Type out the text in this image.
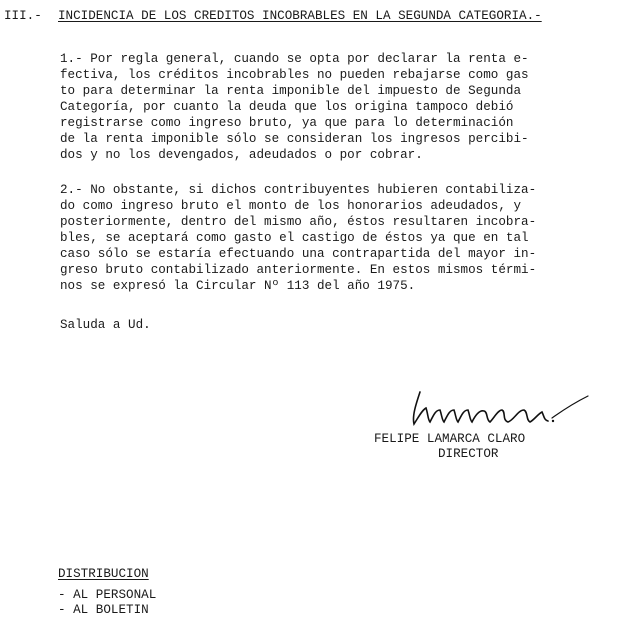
III.- INCIDENCIA DE LOS CREDITOS INCOBRABLES EN LA SEGUNDA CATEGORIA.-
1.- Por regla general, cuando se opta por declarar la renta e-
fectiva, los créditos incobrables no pueden rebajarse como gas
to para determinar la renta imponible del impuesto de Segunda
Categoría, por cuanto la deuda que los origina tampoco debió
registrarse como ingreso bruto, ya que para lo determinación
de la renta imponible sólo se consideran los ingresos percibi-
dos y no los devengados, adeudados o por cobrar.
2.- No obstante, si dichos contribuyentes hubieren contabiliza-
do como ingreso bruto el monto de los honorarios adeudados, y
posteriormente, dentro del mismo año, éstos resultaren incobra-
bles, se aceptará como gasto el castigo de éstos ya que en tal
caso sólo se estaría efectuando una contrapartida del mayor in-
greso bruto contabilizado anteriormente. En estos mismos térmi-
nos se expresó la Circular Nº 113 del año 1975.
Saluda a Ud.
FELIPE LAMARCA CLARO
DIRECTOR
DISTRIBUCION
- AL PERSONAL
- AL BOLETIN
